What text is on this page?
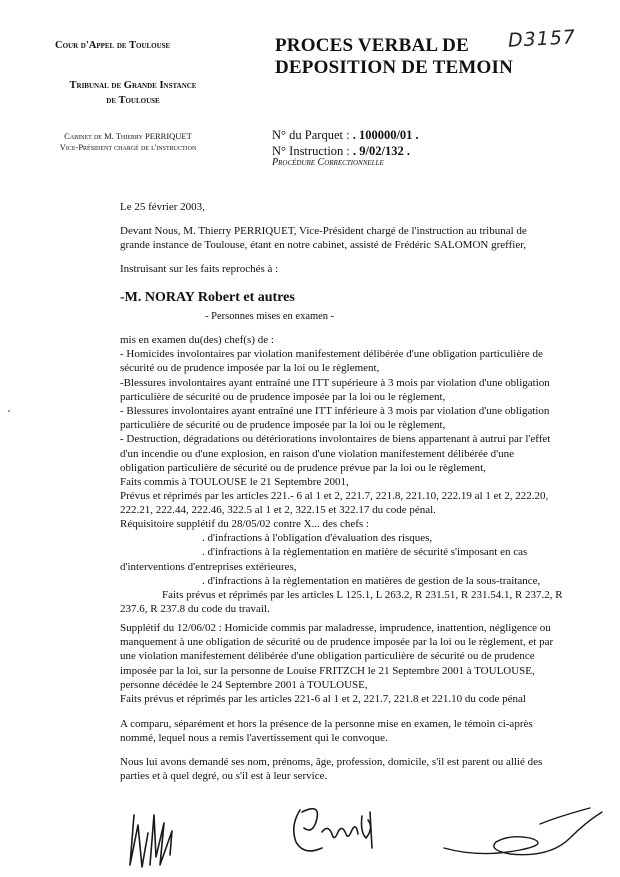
Cour d'Appel de Toulouse
Tribunal de Grande Instance
de Toulouse
Cabinet de M. Thierry PERRIQUET
Vice-Président chargé de l'instruction
PROCES VERBAL DE
DEPOSITION DE TEMOIN
D3157
N° du Parquet : . 100000/01 .
N° Instruction : . 9/02/132 .
Procédure Correctionnelle
Le 25 février 2003,
Devant Nous, M. Thierry PERRIQUET, Vice-Président chargé de l'instruction au tribunal de
grande instance de Toulouse, étant en notre cabinet, assisté de Frédéric SALOMON greffier,
Instruisant sur les faits reprochés à :
-M. NORAY Robert et autres
- Personnes mises en examen -
mis en examen du(des) chef(s) de :
- Homicides involontaires par violation manifestement délibérée d'une obligation particulière de
sécurité ou de prudence imposée par la loi ou le règlement,
-Blessures involontaires ayant entraîné une ITT supérieure à 3 mois par violation d'une obligation
particulière de sécurité ou de prudence imposée par la loi ou le règlement,
- Blessures involontaires ayant entraîné une ITT inférieure à 3 mois par violation d'une obligation
particulière de sécurité ou de prudence imposée par la loi ou le règlement,
- Destruction, dégradations ou détériorations involontaires de biens appartenant à autrui par l'effet
d'un incendie ou d'une explosion, en raison d'une violation manifestement délibérée d'une
obligation particulière de sécurité ou de prudence prévue par la loi ou le règlement,
Faits commis à TOULOUSE le 21 Septembre 2001,
Prévus et réprimés par les articles 221.- 6 al 1 et 2, 221.7, 221.8, 221.10, 222.19 al 1 et 2, 222.20,
222.21, 222.44, 222.46, 322.5 al 1 et 2, 322.15 et 322.17 du code pénal.
Réquisitoire supplétif du 28/05/02 contre X... des chefs :
. d'infractions à l'obligation d'évaluation des risques,
. d'infractions à la règlementation en matière de sécurité s'imposant en cas
d'interventions d'entreprises extérieures,
. d'infractions à la règlementation en matières de gestion de la sous-traitance,
Faits prévus et réprimés par les articles L 125.1, L 263.2, R 231.51, R 231.54.1, R 237.2, R
237.6, R 237.8 du code du travail.
Supplétif du 12/06/02 : Homicide commis par maladresse, imprudence, inattention, négligence ou
manquement à une obligation de sécurité ou de prudence imposée par la loi ou le règlement, et par
une violation manifestement délibérée d'une obligation particulière de sécurité ou de prudence
imposée par la loi, sur la personne de Louise FRITZCH le 21 Septembre 2001 à TOULOUSE,
personne décédée le 24 Septembre 2001 à TOULOUSE,
Faits prévus et réprimés par les articles 221-6 al 1 et 2, 221.7, 221.8 et 221.10 du code pénal
A comparu, séparément et hors la présence de la personne mise en examen, le témoin ci-après
nommé, lequel nous a remis l'avertissement qui le convoque.
Nous lui avons demandé ses nom, prénoms, âge, profession, domicile, s'il est parent ou allié des
parties et à quel degré, ou s'il est à leur service.
